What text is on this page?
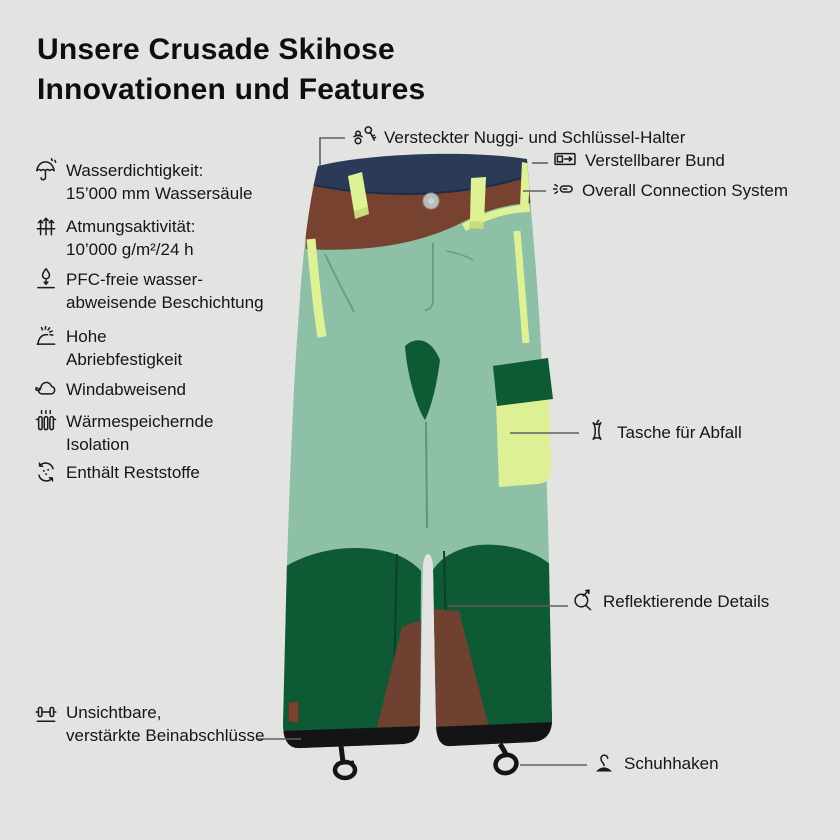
Unsere Crusade Skihose
Innovationen und Features
Wasserdichtigkeit:
15’000 mm Wassersäule
Atmungsaktivität:
10’000 g/m²/24 h
PFC-freie wasser-
abweisende Beschichtung
Hohe
Abriebfestigkeit
Windabweisend
Wärmespeichernde
Isolation
Enthält Reststoffe
Versteckter Nuggi- und Schlüssel-Halter
Verstellbarer Bund
Overall Connection System
Tasche für Abfall
Reflektierende Details
Schuhhaken
Unsichtbare,
verstärkte Beinabschlüsse
